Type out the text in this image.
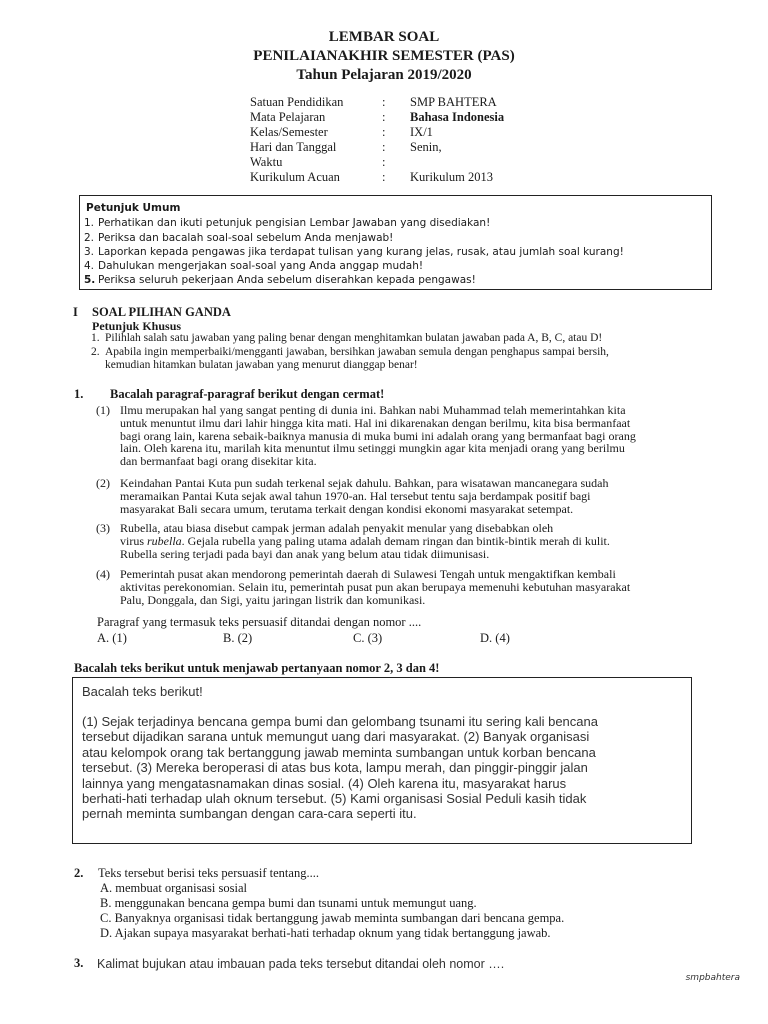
LEMBAR SOAL
PENILAIANAKHIR SEMESTER (PAS)
Tahun Pelajaran 2019/2020
Satuan Pendidikan	: SMP BAHTERA
Mata Pelajaran	: Bahasa Indonesia
Kelas/Semester	: IX/1
Hari dan Tanggal	: Senin,
Waktu	:
Kurikulum Acuan	: Kurikulum 2013
Petunjuk Umum
1. Perhatikan dan ikuti petunjuk pengisian Lembar Jawaban yang disediakan!
2. Periksa dan bacalah soal-soal sebelum Anda menjawab!
3. Laporkan kepada pengawas jika terdapat tulisan yang kurang jelas, rusak, atau jumlah soal kurang!
4. Dahulukan mengerjakan soal-soal yang Anda anggap mudah!
5. Periksa seluruh pekerjaan Anda sebelum diserahkan kepada pengawas!
I SOAL PILIHAN GANDA
Petunjuk Khusus
1. Pilihlah salah satu jawaban yang paling benar dengan menghitamkan bulatan jawaban pada A, B, C, atau D!
2. Apabila ingin memperbaiki/mengganti jawaban, bersihkan jawaban semula dengan penghapus sampai bersih,
kemudian hitamkan bulatan jawaban yang menurut dianggap benar!
1. Bacalah paragraf-paragraf berikut dengan cermat!
(1) Ilmu merupakan hal yang sangat penting di dunia ini. Bahkan nabi Muhammad telah memerintahkan kita
untuk menuntut ilmu dari lahir hingga kita mati. Hal ini dikarenakan dengan berilmu, kita bisa bermanfaat
bagi orang lain, karena sebaik-baiknya manusia di muka bumi ini adalah orang yang bermanfaat bagi orang
lain. Oleh karena itu, marilah kita menuntut ilmu setinggi mungkin agar kita menjadi orang yang berilmu
dan bermanfaat bagi orang disekitar kita.
(2) Keindahan Pantai Kuta pun sudah terkenal sejak dahulu. Bahkan, para wisatawan mancanegara sudah
meramaikan Pantai Kuta sejak awal tahun 1970-an. Hal tersebut tentu saja berdampak positif bagi
masyarakat Bali secara umum, terutama terkait dengan kondisi ekonomi masyarakat setempat.
(3) Rubella, atau biasa disebut campak jerman adalah penyakit menular yang disebabkan oleh
virus rubella. Gejala rubella yang paling utama adalah demam ringan dan bintik-bintik merah di kulit.
Rubella sering terjadi pada bayi dan anak yang belum atau tidak diimunisasi.
(4) Pemerintah pusat akan mendorong pemerintah daerah di Sulawesi Tengah untuk mengaktifkan kembali
aktivitas perekonomian. Selain itu, pemerintah pusat pun akan berupaya memenuhi kebutuhan masyarakat
Palu, Donggala, dan Sigi, yaitu jaringan listrik dan komunikasi.
Paragraf yang termasuk teks persuasif ditandai dengan nomor ....
A. (1)	B. (2)	C. (3)	D. (4)
Bacalah teks berikut untuk menjawab pertanyaan nomor 2, 3 dan 4!
Bacalah teks berikut!
(1) Sejak terjadinya bencana gempa bumi dan gelombang tsunami itu sering kali bencana
tersebut dijadikan sarana untuk memungut uang dari masyarakat. (2) Banyak organisasi
atau kelompok orang tak bertanggung jawab meminta sumbangan untuk korban bencana
tersebut. (3) Mereka beroperasi di atas bus kota, lampu merah, dan pinggir-pinggir jalan
lainnya yang mengatasnamakan dinas sosial. (4) Oleh karena itu, masyarakat harus
berhati-hati terhadap ulah oknum tersebut. (5) Kami organisasi Sosial Peduli kasih tidak
pernah meminta sumbangan dengan cara-cara seperti itu.
2. Teks tersebut berisi teks persuasif tentang....
A. membuat organisasi sosial
B. menggunakan bencana gempa bumi dan tsunami untuk memungut uang.
C. Banyaknya organisasi tidak bertanggung jawab meminta sumbangan dari bencana gempa.
D. Ajakan supaya masyarakat berhati-hati terhadap oknum yang tidak bertanggung jawab.
3. Kalimat bujukan atau imbauan pada teks tersebut ditandai oleh nomor ….
smpbahtera
